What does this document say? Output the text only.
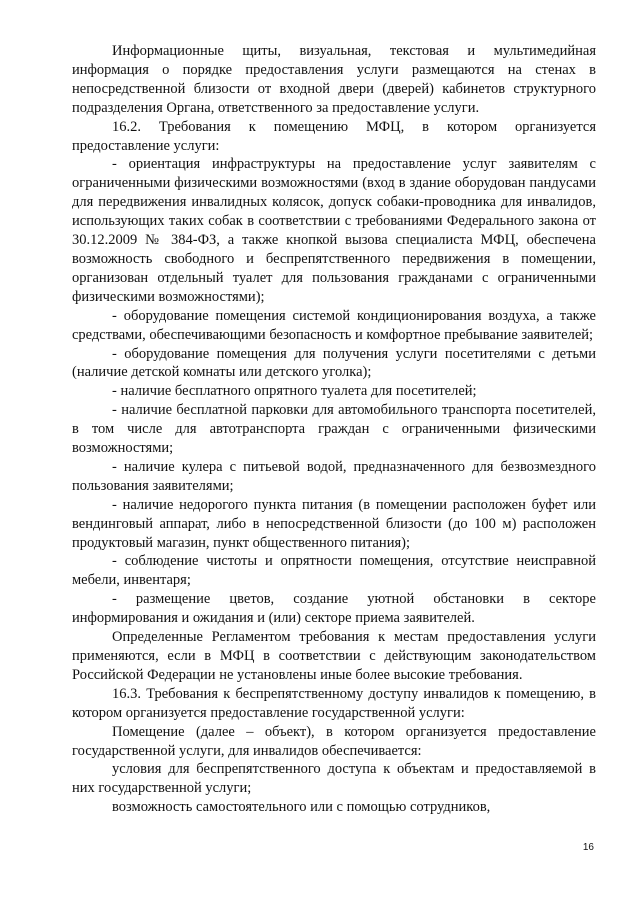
Информационные щиты, визуальная, текстовая и мультимедийная информация о порядке предоставления услуги размещаются на стенах в непосредственной близости от входной двери (дверей) кабинетов структурного подразделения Органа, ответственного за предоставление услуги.

16.2. Требования к помещению МФЦ, в котором организуется предоставление услуги:

- ориентация инфраструктуры на предоставление услуг заявителям с ограниченными физическими возможностями (вход в здание оборудован пандусами для передвижения инвалидных колясок, допуск собаки-проводника для инвалидов, использующих таких собак в соответствии с требованиями Федерального закона от 30.12.2009 № 384-ФЗ, а также кнопкой вызова специалиста МФЦ, обеспечена возможность свободного и беспрепятственного передвижения в помещении, организован отдельный туалет для пользования гражданами с ограниченными физическими возможностями);

- оборудование помещения системой кондиционирования воздуха, а также средствами, обеспечивающими безопасность и комфортное пребывание заявителей;

- оборудование помещения для получения услуги посетителями с детьми (наличие детской комнаты или детского уголка);

- наличие бесплатного опрятного туалета для посетителей;

- наличие бесплатной парковки для автомобильного транспорта посетителей, в том числе для автотранспорта граждан с ограниченными физическими возможностями;

- наличие кулера с питьевой водой, предназначенного для безвозмездного пользования заявителями;

- наличие недорогого пункта питания (в помещении расположен буфет или вендинговый аппарат, либо в непосредственной близости (до 100 м) расположен продуктовый магазин, пункт общественного питания);

- соблюдение чистоты и опрятности помещения, отсутствие неисправной мебели, инвентаря;

- размещение цветов, создание уютной обстановки в секторе информирования и ожидания и (или) секторе приема заявителей.

Определенные Регламентом требования к местам предоставления услуги применяются, если в МФЦ в соответствии с действующим законодательством Российской Федерации не установлены иные более высокие требования.

16.3. Требования к беспрепятственному доступу инвалидов к помещению, в котором организуется предоставление государственной услуги:

Помещение (далее – объект), в котором организуется предоставление государственной услуги, для инвалидов обеспечивается:

условия для беспрепятственного доступа к объектам и предоставляемой в них государственной услуги;

возможность самостоятельного или с помощью сотрудников,

16
